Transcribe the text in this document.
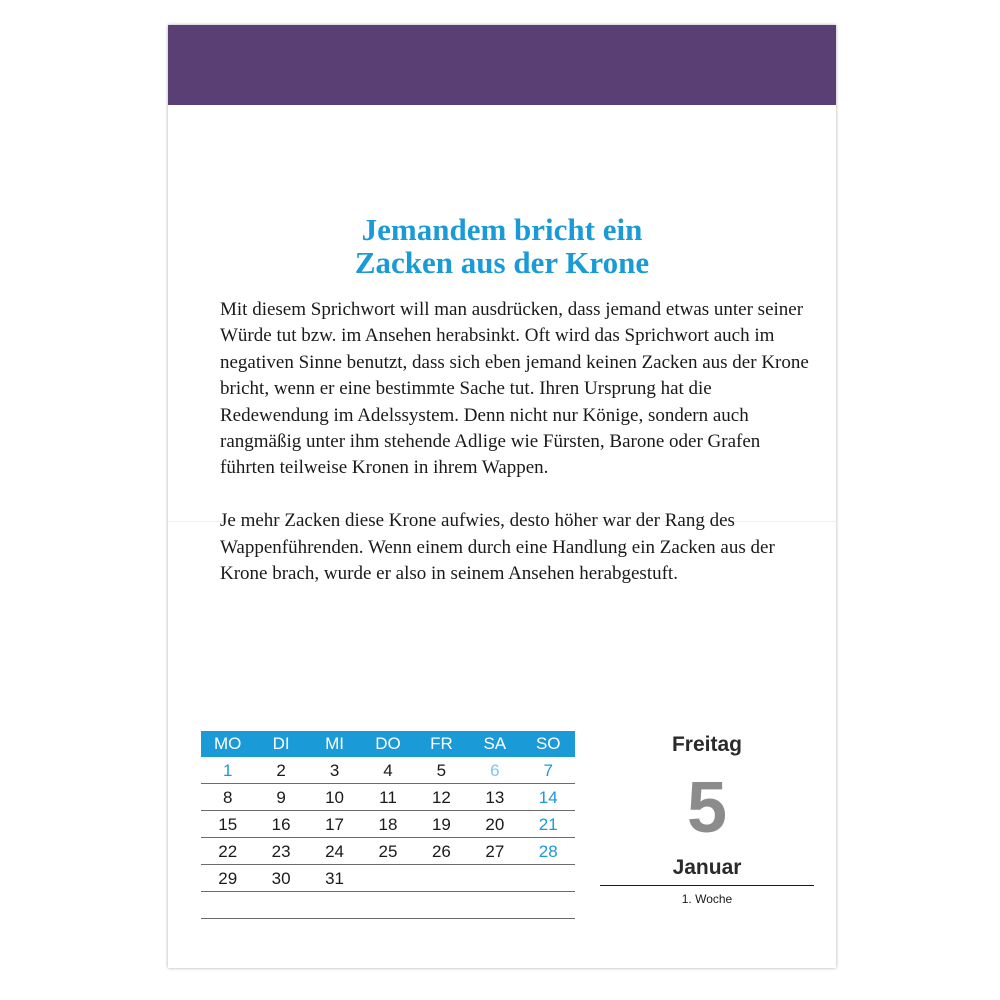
Jemandem bricht ein
Zacken aus der Krone

Mit diesem Sprichwort will man ausdrücken, dass jemand etwas unter seiner Würde tut bzw. im Ansehen herabsinkt. Oft wird das Sprichwort auch im negativen Sinne benutzt, dass sich eben jemand keinen Zacken aus der Krone bricht, wenn er eine bestimmte Sache tut. Ihren Ursprung hat die Redewendung im Adelssystem. Denn nicht nur Könige, sondern auch rangmäßig unter ihm stehende Adlige wie Fürsten, Barone oder Grafen führten teilweise Kronen in ihrem Wappen.

Je mehr Zacken diese Krone aufwies, desto höher war der Rang des Wappenführenden. Wenn einem durch eine Handlung ein Zacken aus der Krone brach, wurde er also in seinem Ansehen herabgestuft.

MO	DI	MI	DO	FR	SA	SO
1	2	3	4	5	6	7
8	9	10	11	12	13	14
15	16	17	18	19	20	21
22	23	24	25	26	27	28
29	30	31
Freitag
5
Januar
1. Woche
